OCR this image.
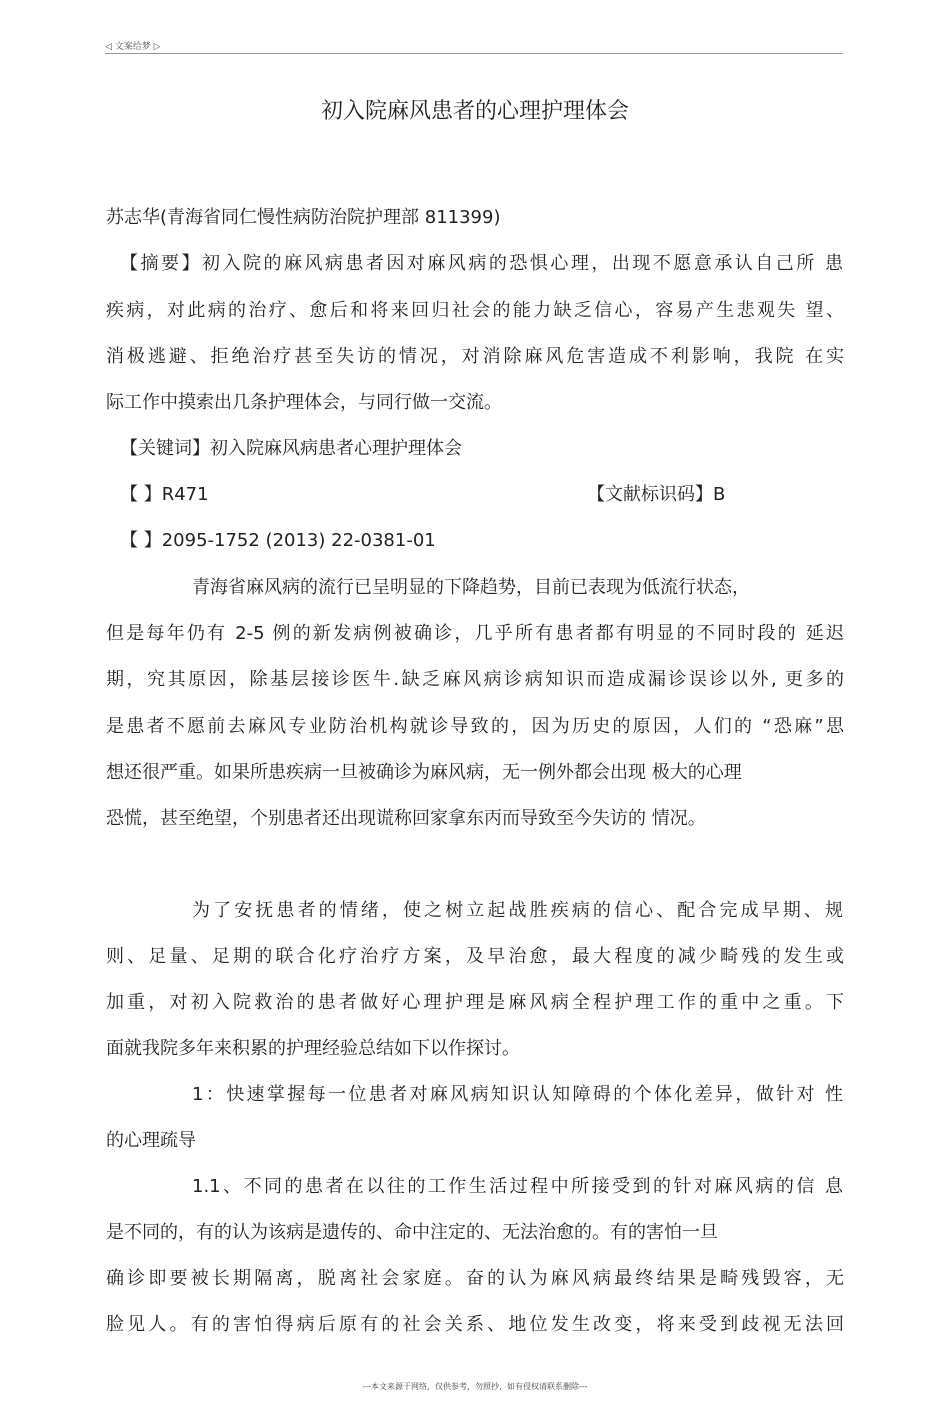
◁ 文案给梦 ▷
初入院麻风患者的心理护理体会
苏志华(青海省同仁慢性病防治院护理部 811399)
【摘要】初入院的麻风病患者因对麻风病的恐惧心理，出现不愿意承认自己所 患
疾病，对此病的治疗、愈后和将来回归社会的能力缺乏信心，容易产生悲观失 望、
消极逃避、拒绝治疗甚至失访的情况，对消除麻风危害造成不利影响，我院 在实
际工作中摸索出几条护理体会，与同行做一交流。
【关键词】初入院麻风病患者心理护理体会
【 】R471	【文献标识码】B
【 】2095-1752 (2013) 22-0381-01
青海省麻风病的流行已呈明显的下降趋势，目前已表现为低流行状态，
但是每年仍有 2-5 例的新发病例被确诊，几乎所有患者都有明显的不同时段的 延迟
期，究其原因，除基层接诊医牛.缺乏麻风病诊病知识而造成漏诊误诊以外, 更多的
是患者不愿前去麻风专业防治机构就诊导致的，因为历史的原因，人们的 “恐麻”思
想还很严重。如果所患疾病一旦被确诊为麻风病，无一例外都会出现 极大的心理
恐慌，甚至绝望，个别患者还出现谎称回家拿东丙而导致至今失访的 情况。
为了安抚患者的情绪，使之树立起战胜疾病的信心、配合完成早期、规
则、足量、足期的联合化疗治疗方案，及早治愈，最大程度的减少畸残的发生或
加重，对初入院救治的患者做好心理护理是麻风病全程护理工作的重中之重。下
面就我院多年来积累的护理经验总结如下以作探讨。
1：快速掌握每一位患者对麻风病知识认知障碍的个体化差异，做针对 性
的心理疏导
1.1、不同的患者在以往的工作生活过程中所接受到的针对麻风病的信 息
是不同的，有的认为该病是遗传的、命中注定的、无法治愈的。有的害怕一旦
确诊即要被长期隔离，脱离社会家庭。奋的认为麻风病最终结果是畸残毁容，无
脸见人。有的害怕得病后原有的社会关系、地位发生改变，将来受到歧视无法回
---本文来源于网络，仅供参考，勿照抄，如有侵权请联系删除---
